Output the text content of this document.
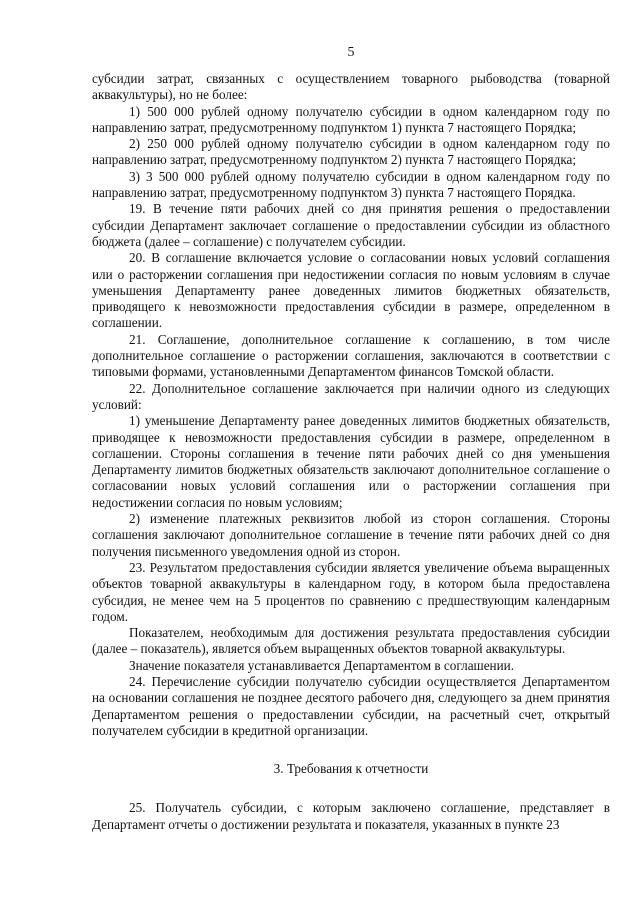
5

субсидии затрат, связанных с осуществлением товарного рыбоводства (товарной аквакультуры), но не более:

1) 500 000 рублей одному получателю субсидии в одном календарном году по направлению затрат, предусмотренному подпунктом 1) пункта 7 настоящего Порядка;

2) 250 000 рублей одному получателю субсидии в одном календарном году по направлению затрат, предусмотренному подпунктом 2) пункта 7 настоящего Порядка;

3) 3 500 000 рублей одному получателю субсидии в одном календарном году по направлению затрат, предусмотренному подпунктом 3) пункта 7 настоящего Порядка.

19. В течение пяти рабочих дней со дня принятия решения о предоставлении субсидии Департамент заключает соглашение о предоставлении субсидии из областного бюджета (далее – соглашение) с получателем субсидии.

20. В соглашение включается условие о согласовании новых условий соглашения или о расторжении соглашения при недостижении согласия по новым условиям в случае уменьшения Департаменту ранее доведенных лимитов бюджетных обязательств, приводящего к невозможности предоставления субсидии в размере, определенном в соглашении.

21. Соглашение, дополнительное соглашение к соглашению, в том числе дополнительное соглашение о расторжении соглашения, заключаются в соответствии с типовыми формами, установленными Департаментом финансов Томской области.

22. Дополнительное соглашение заключается при наличии одного из следующих условий:

1) уменьшение Департаменту ранее доведенных лимитов бюджетных обязательств, приводящее к невозможности предоставления субсидии в размере, определенном в соглашении. Стороны соглашения в течение пяти рабочих дней со дня уменьшения Департаменту лимитов бюджетных обязательств заключают дополнительное соглашение о согласовании новых условий соглашения или о расторжении соглашения при недостижении согласия по новым условиям;

2) изменение платежных реквизитов любой из сторон соглашения. Стороны соглашения заключают дополнительное соглашение в течение пяти рабочих дней со дня получения письменного уведомления одной из сторон.

23. Результатом предоставления субсидии является увеличение объема выращенных объектов товарной аквакультуры в календарном году, в котором была предоставлена субсидия, не менее чем на 5 процентов по сравнению с предшествующим календарным годом.

Показателем, необходимым для достижения результата предоставления субсидии (далее – показатель), является объем выращенных объектов товарной аквакультуры.

Значение показателя устанавливается Департаментом в соглашении.

24. Перечисление субсидии получателю субсидии осуществляется Департаментом на основании соглашения не позднее десятого рабочего дня, следующего за днем принятия Департаментом решения о предоставлении субсидии, на расчетный счет, открытый получателем субсидии в кредитной организации.

3. Требования к отчетности

25. Получатель субсидии, с которым заключено соглашение, представляет в Департамент отчеты о достижении результата и показателя, указанных в пункте 23
